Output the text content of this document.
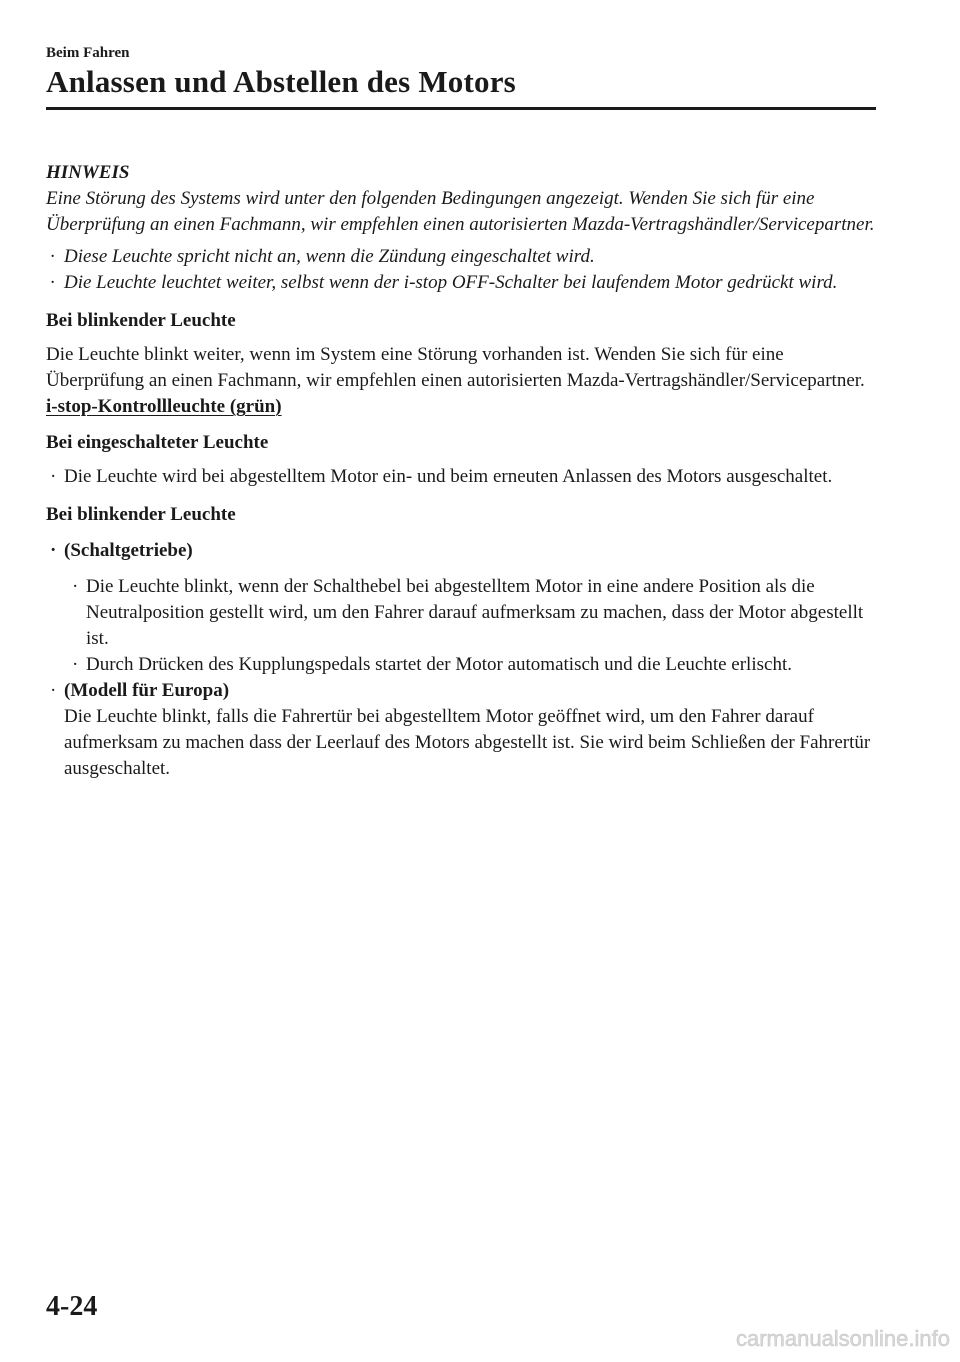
Beim Fahren
Anlassen und Abstellen des Motors

HINWEIS

Eine Störung des Systems wird unter den folgenden Bedingungen angezeigt. Wenden Sie sich für eine Überprüfung an einen Fachmann, wir empfehlen einen autorisierten Mazda-Vertragshändler/Servicepartner.

· Diese Leuchte spricht nicht an, wenn die Zündung eingeschaltet wird.

· Die Leuchte leuchtet weiter, selbst wenn der i-stop OFF-Schalter bei laufendem Motor gedrückt wird.

Bei blinkender Leuchte

Die Leuchte blinkt weiter, wenn im System eine Störung vorhanden ist. Wenden Sie sich für eine Überprüfung an einen Fachmann, wir empfehlen einen autorisierten Mazda-Vertragshändler/Servicepartner.

i-stop-Kontrollleuchte (grün)

Bei eingeschalteter Leuchte

· Die Leuchte wird bei abgestelltem Motor ein- und beim erneuten Anlassen des Motors ausgeschaltet.

Bei blinkender Leuchte

· (Schaltgetriebe)

· Die Leuchte blinkt, wenn der Schalthebel bei abgestelltem Motor in eine andere Position als die Neutralposition gestellt wird, um den Fahrer darauf aufmerksam zu machen, dass der Motor abgestellt ist.

· Durch Drücken des Kupplungspedals startet der Motor automatisch und die Leuchte erlischt.

· (Modell für Europa)
Die Leuchte blinkt, falls die Fahrertür bei abgestelltem Motor geöffnet wird, um den Fahrer darauf aufmerksam zu machen dass der Leerlauf des Motors abgestellt ist. Sie wird beim Schließen der Fahrertür ausgeschaltet.
4-24
carmanualsonline.info
